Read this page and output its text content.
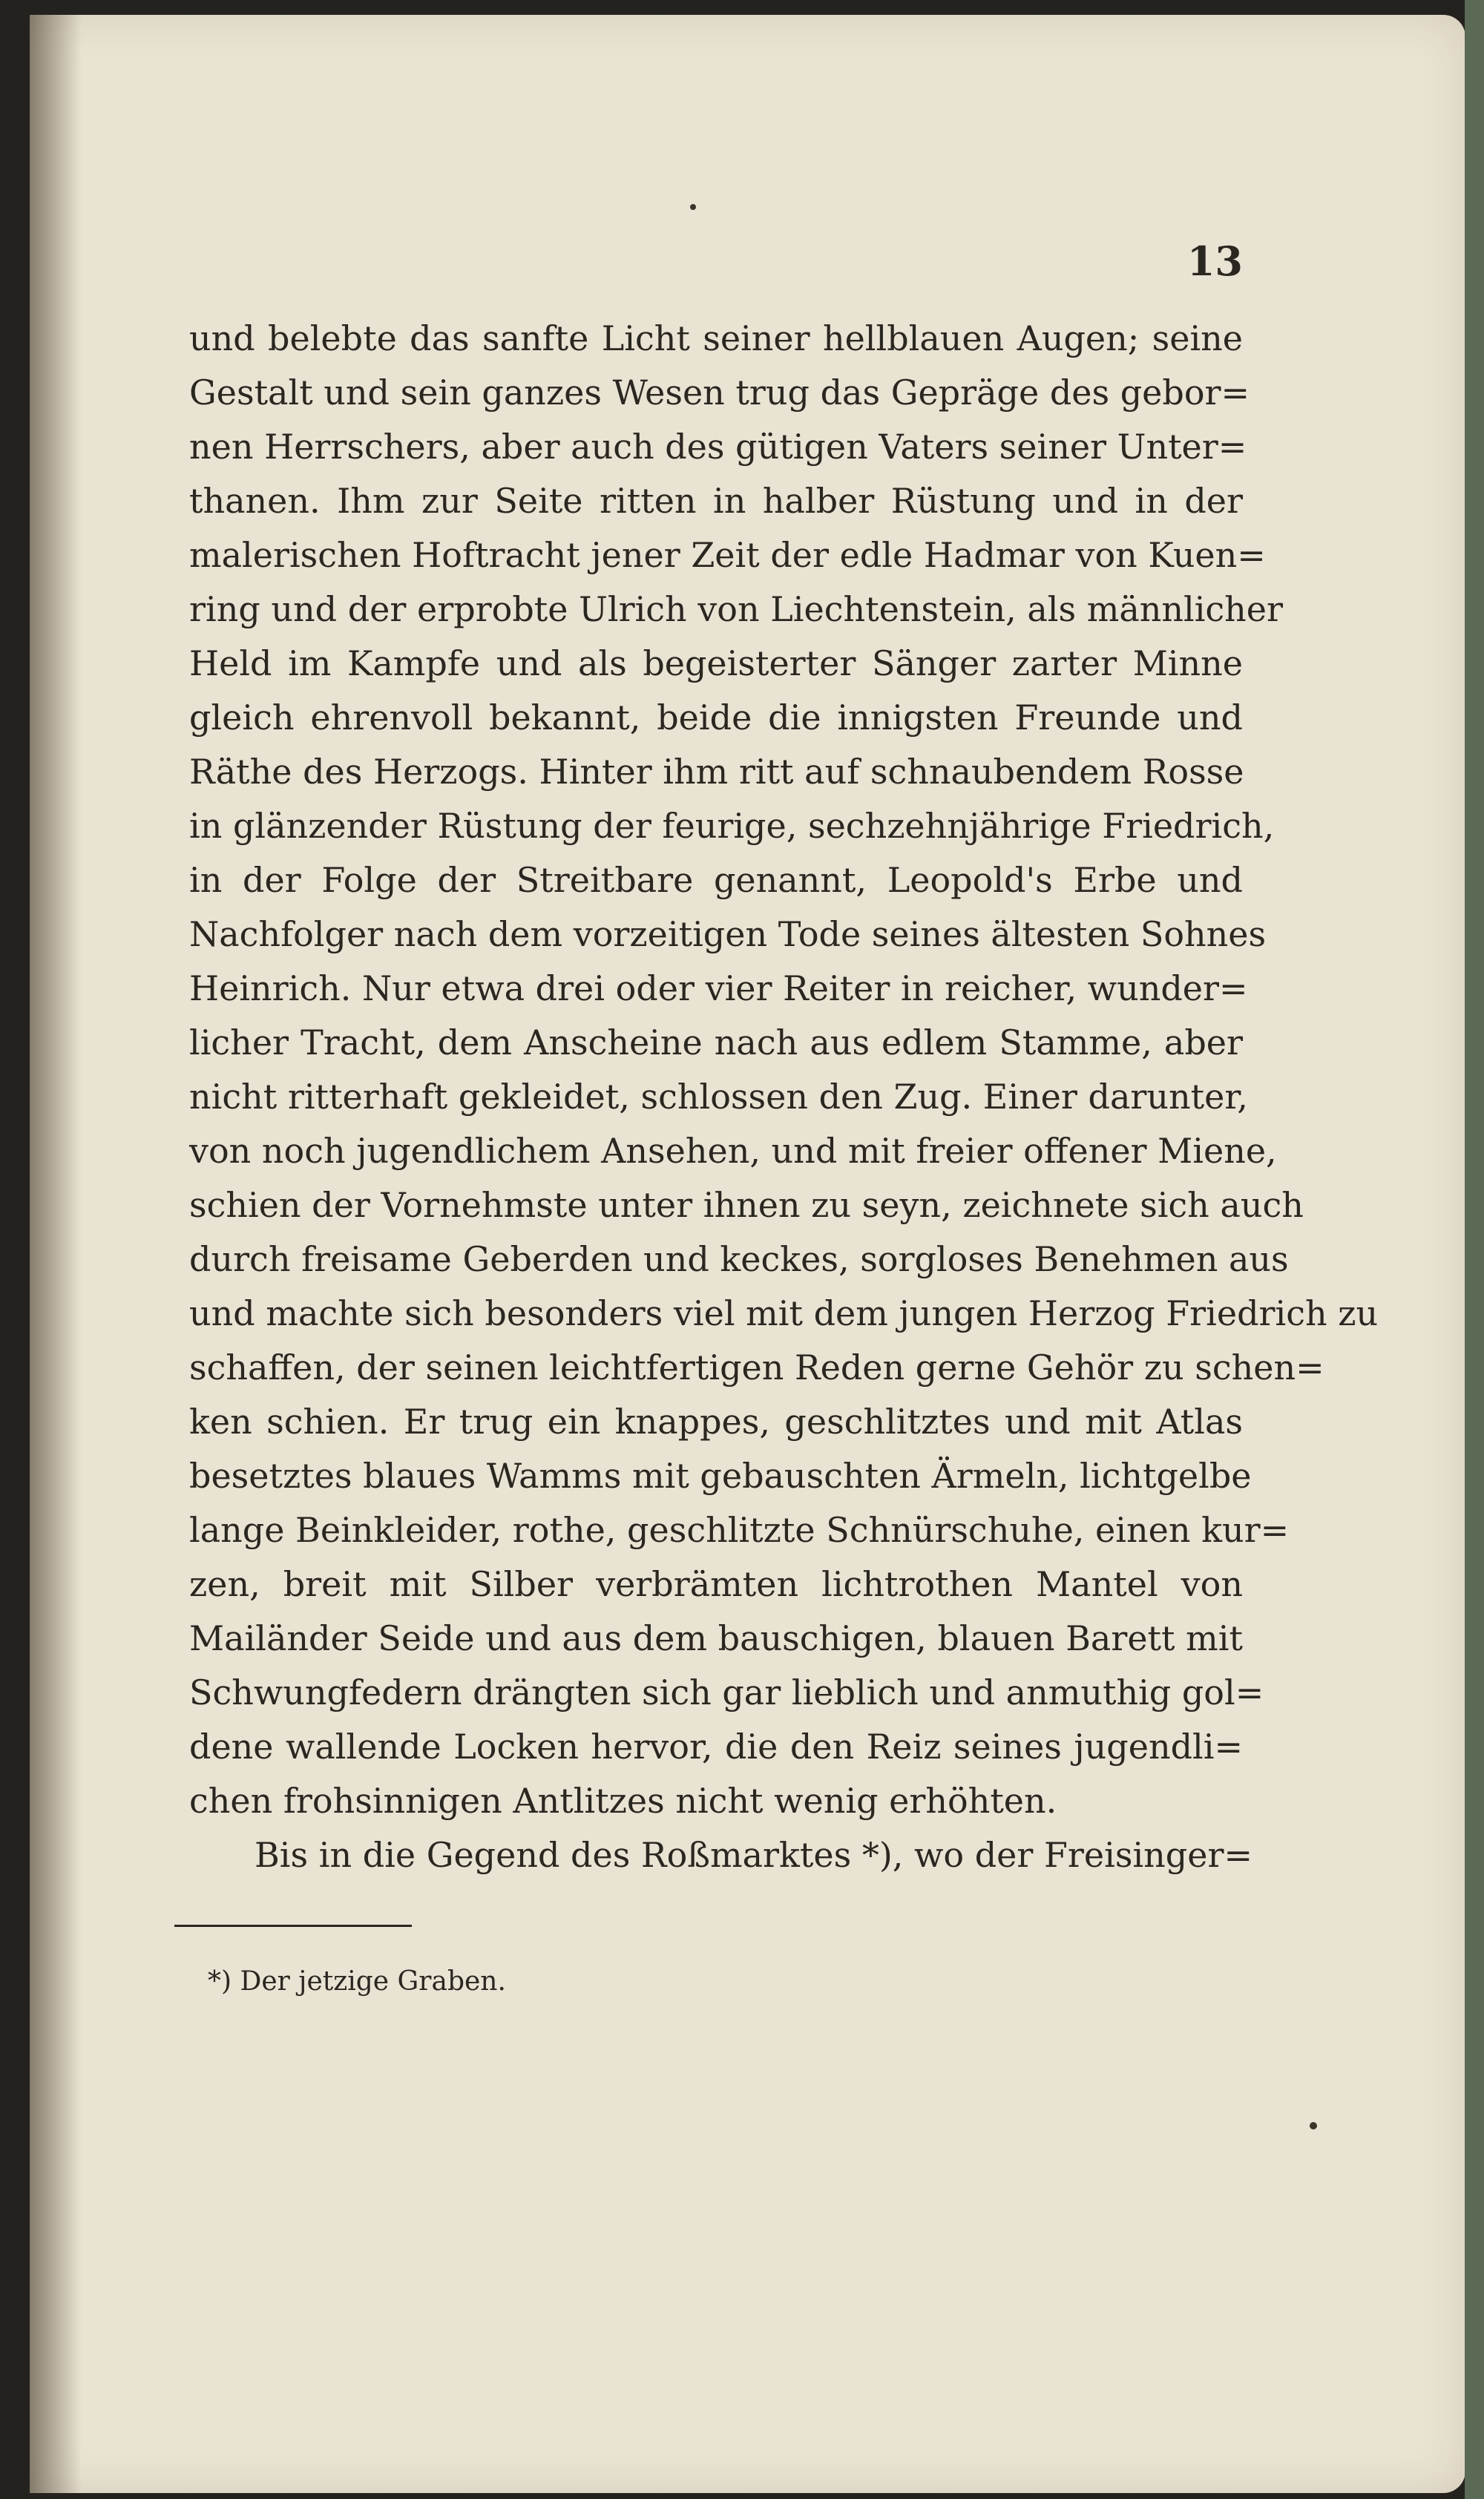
13
und belebte das sanfte Licht seiner hellblauen Augen; seine
Gestalt und sein ganzes Wesen trug das Gepräge des gebor=
nen Herrschers, aber auch des gütigen Vaters seiner Unter=
thanen. Ihm zur Seite ritten in halber Rüstung und in der
malerischen Hoftracht jener Zeit der edle Hadmar von Kuen=
ring und der erprobte Ulrich von Liechtenstein, als männlicher
Held im Kampfe und als begeisterter Sänger zarter Minne
gleich ehrenvoll bekannt, beide die innigsten Freunde und
Räthe des Herzogs. Hinter ihm ritt auf schnaubendem Rosse
in glänzender Rüstung der feurige, sechzehnjährige Friedrich,
in der Folge der Streitbare genannt, Leopold's Erbe und
Nachfolger nach dem vorzeitigen Tode seines ältesten Sohnes
Heinrich. Nur etwa drei oder vier Reiter in reicher, wunder=
licher Tracht, dem Anscheine nach aus edlem Stamme, aber
nicht ritterhaft gekleidet, schlossen den Zug. Einer darunter,
von noch jugendlichem Ansehen, und mit freier offener Miene,
schien der Vornehmste unter ihnen zu seyn, zeichnete sich auch
durch freisame Geberden und keckes, sorgloses Benehmen aus
und machte sich besonders viel mit dem jungen Herzog Friedrich zu
schaffen, der seinen leichtfertigen Reden gerne Gehör zu schen=
ken schien. Er trug ein knappes, geschlitztes und mit Atlas
besetztes blaues Wamms mit gebauschten Ärmeln, lichtgelbe
lange Beinkleider, rothe, geschlitzte Schnürschuhe, einen kur=
zen, breit mit Silber verbrämten lichtrothen Mantel von
Mailänder Seide und aus dem bauschigen, blauen Barett mit
Schwungfedern drängten sich gar lieblich und anmuthig gol=
dene wallende Locken hervor, die den Reiz seines jugendli=
chen frohsinnigen Antlitzes nicht wenig erhöhten.
Bis in die Gegend des Roßmarktes *), wo der Freisinger=
*) Der jetzige Graben.
